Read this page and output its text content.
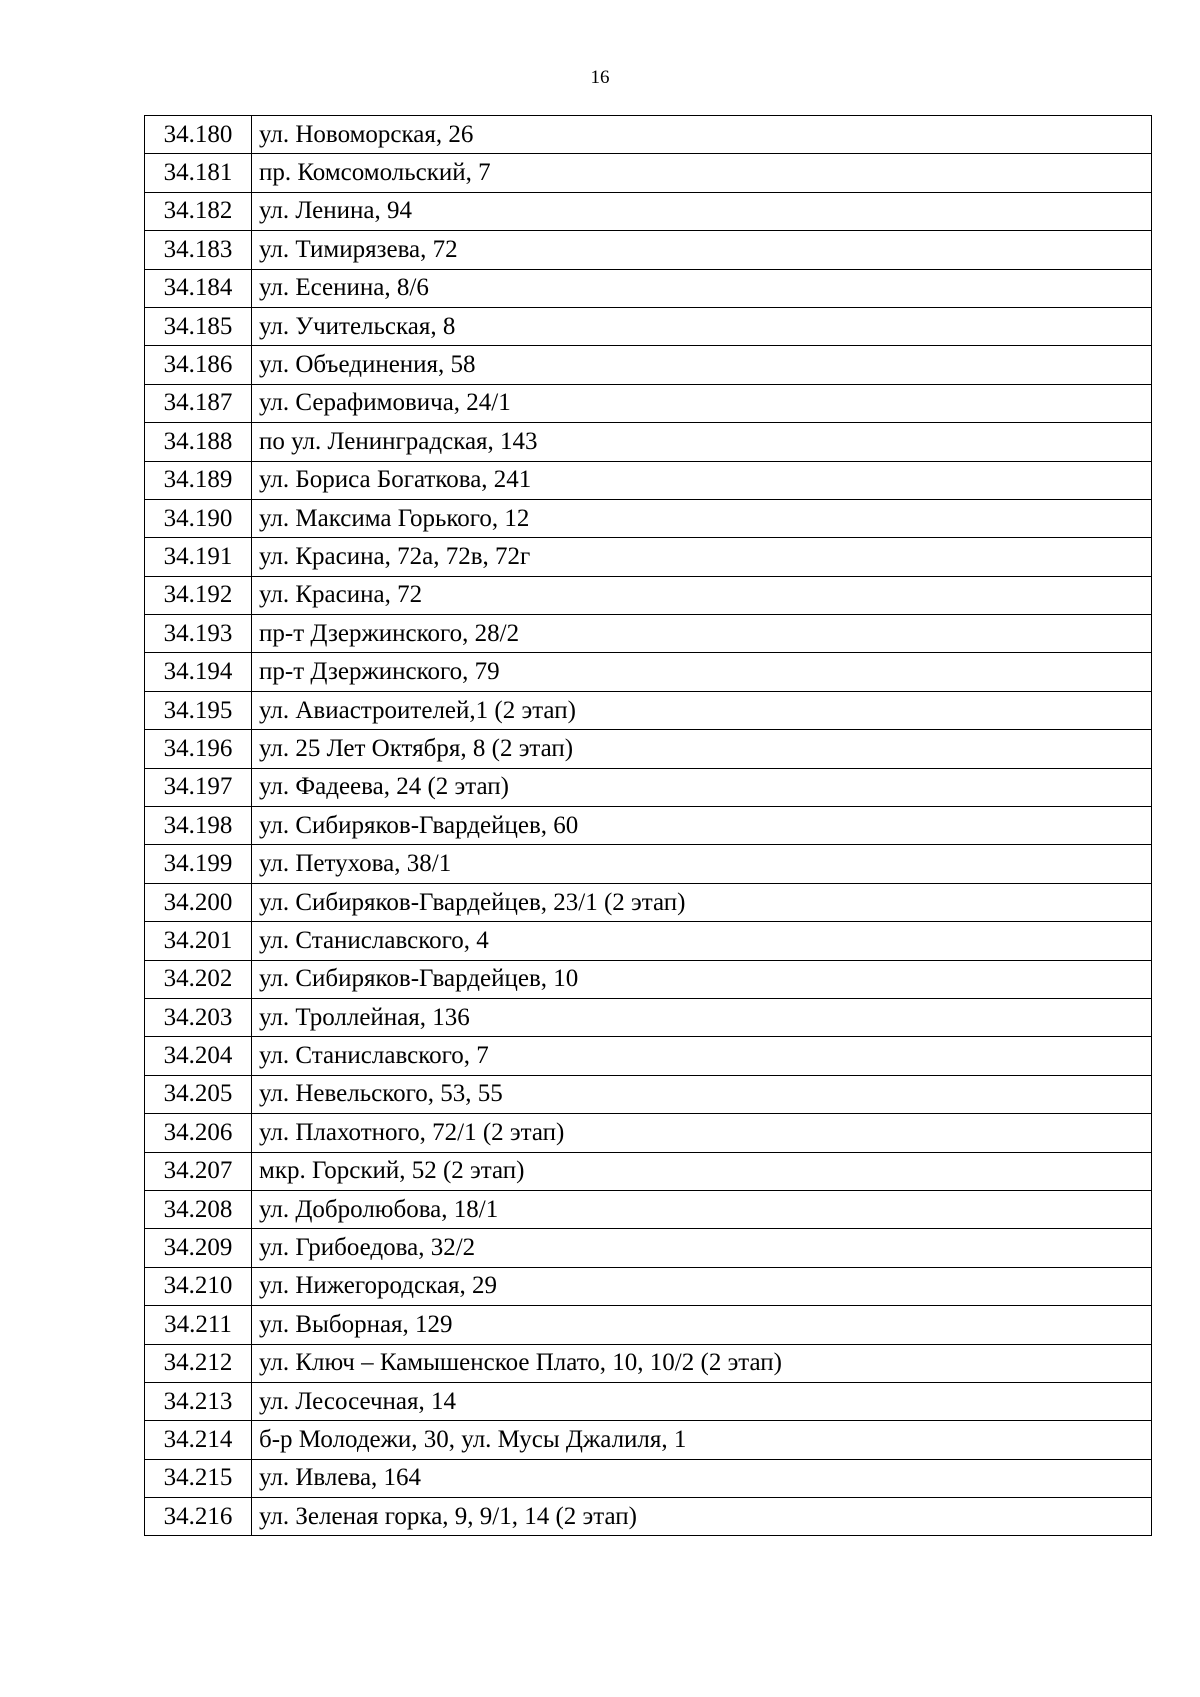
16
34.180	ул. Новоморская, 26
34.181	пр. Комсомольский, 7
34.182	ул. Ленина, 94
34.183	ул. Тимирязева, 72
34.184	ул. Есенина, 8/6
34.185	ул. Учительская, 8
34.186	ул. Объединения, 58
34.187	ул. Серафимовича, 24/1
34.188	по ул. Ленинградская, 143
34.189	ул. Бориса Богаткова, 241
34.190	ул. Максима Горького, 12
34.191	ул. Красина, 72а, 72в, 72г
34.192	ул. Красина, 72
34.193	пр-т Дзержинского, 28/2
34.194	пр-т Дзержинского, 79
34.195	ул. Авиастроителей,1 (2 этап)
34.196	ул. 25 Лет Октября, 8 (2 этап)
34.197	ул. Фадеева, 24 (2 этап)
34.198	ул. Сибиряков-Гвардейцев, 60
34.199	ул. Петухова, 38/1
34.200	ул. Сибиряков-Гвардейцев, 23/1 (2 этап)
34.201	ул. Станиславского, 4
34.202	ул. Сибиряков-Гвардейцев, 10
34.203	ул. Троллейная, 136
34.204	ул. Станиславского, 7
34.205	ул. Невельского, 53, 55
34.206	ул. Плахотного, 72/1 (2 этап)
34.207	мкр. Горский, 52 (2 этап)
34.208	ул. Добролюбова, 18/1
34.209	ул. Грибоедова, 32/2
34.210	ул. Нижегородская, 29
34.211	ул. Выборная, 129
34.212	ул. Ключ – Камышенское Плато, 10, 10/2 (2 этап)
34.213	ул. Лесосечная, 14
34.214	б-р Молодежи, 30, ул. Мусы Джалиля, 1
34.215	ул. Ивлева, 164
34.216	ул. Зеленая горка, 9, 9/1, 14 (2 этап)
